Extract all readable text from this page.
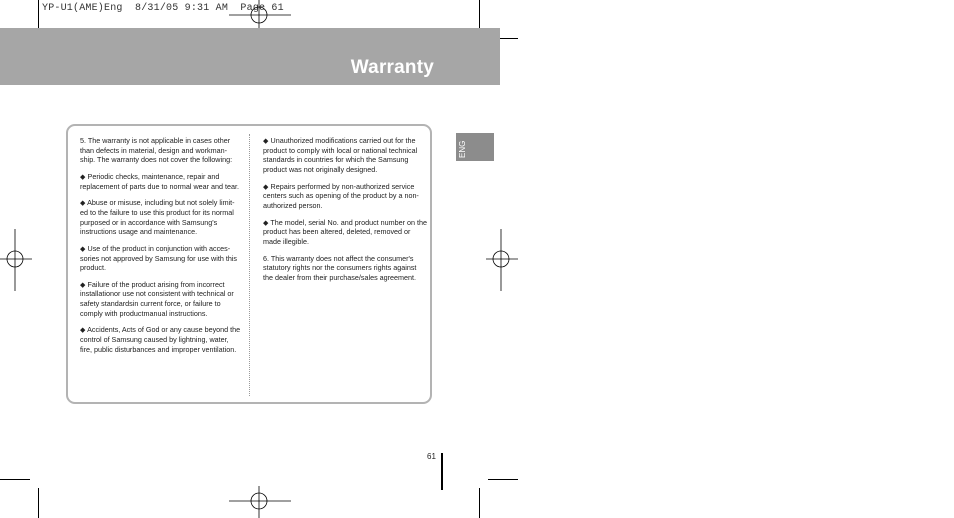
YP-U1(AME)Eng  8/31/05 9:31 AM  Page 61
Warranty
ENG

5. The warranty is not applicable in cases other than defects in material, design and workman-ship. The warranty does not cover the following:

◆ Periodic checks, maintenance, repair and replacement of parts due to normal wear and tear.

◆ Abuse or misuse, including but not solely limit-ed to the failure to use this product for its normal purposed or in accordance with Samsung's instructions usage and maintenance.

◆ Use of the product in conjunction with acces-sories not approved by Samsung for use with this product.

◆ Failure of the product arising from incorrect installationor use not consistent with technical or safety standardsin current force, or failure to comply with productmanual instructions.

◆ Accidents, Acts of God or any cause beyond the control of Samsung caused by lightning, water, fire, public disturbances and improper ventilation.

◆ Unauthorized modifications carried out for the product to comply with local or national technical standards in countries for which the Samsung product was not originally designed.

◆ Repairs performed by non-authorized service centers such as opening of the product by a non-authorized person.

◆ The model, serial No. and product number on the product has been altered, deleted, removed or made illegible.

6. This warranty does not affect the consumer's statutory rights nor the consumers rights against the dealer from their purchase/sales agreement.

61
